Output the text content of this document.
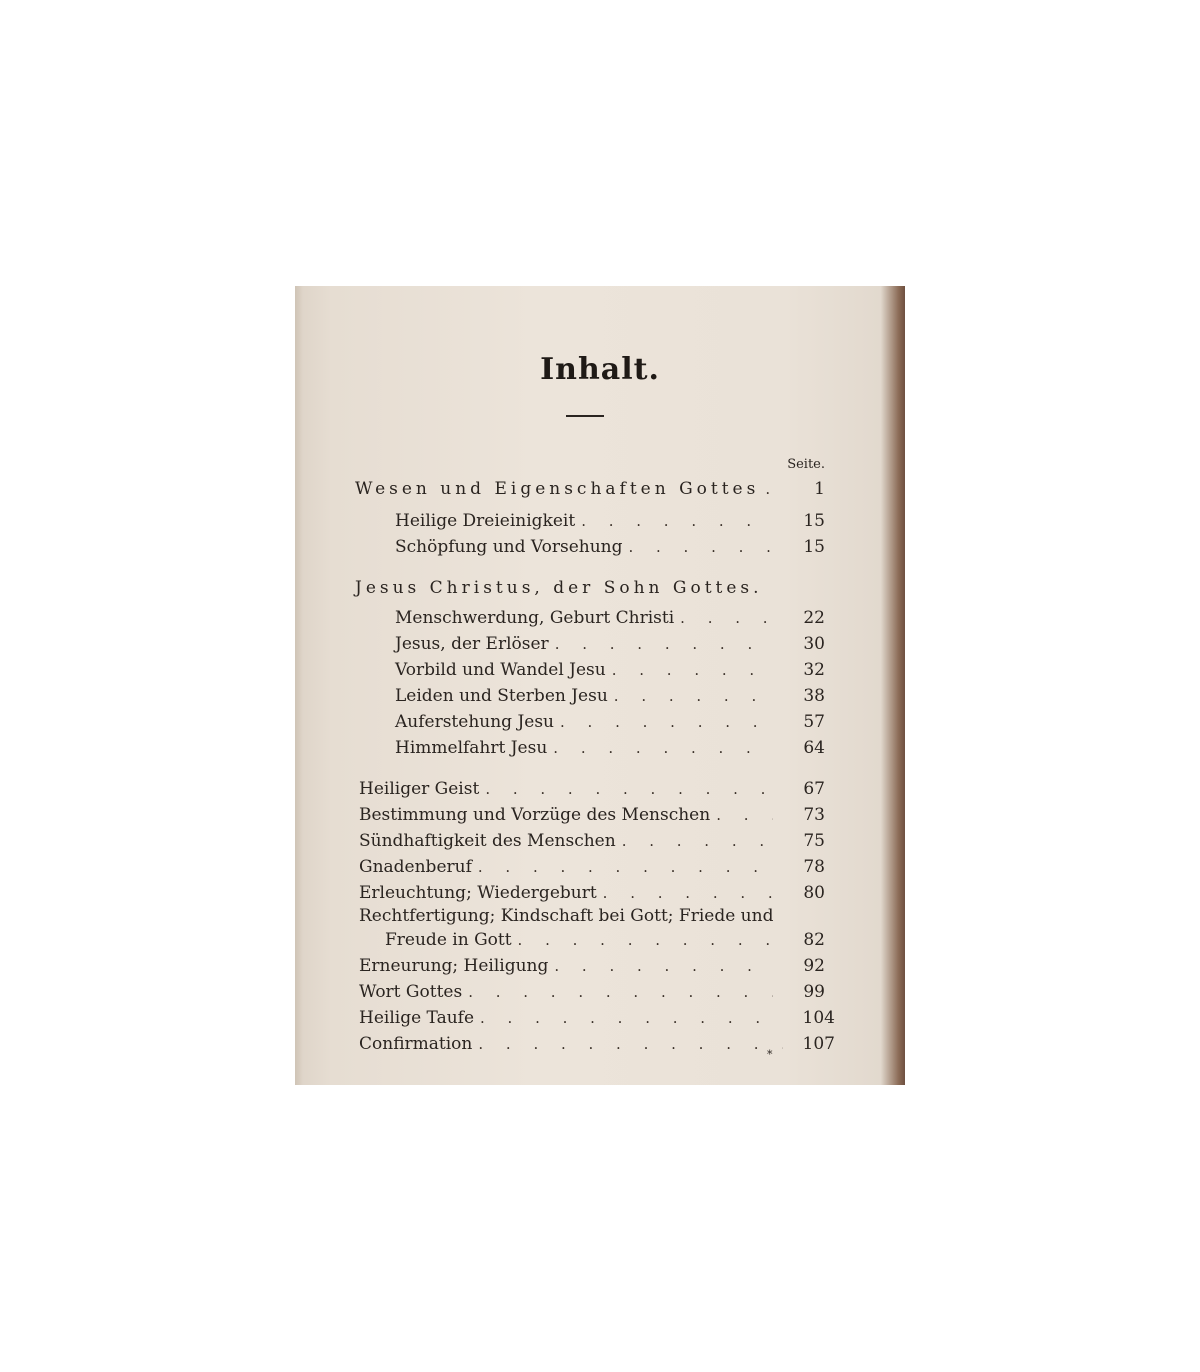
Inhalt.
Seite.
Wesen und Eigenschaften Gottes . . .	1
Heilige Dreieinigkeit . . .	15
Schöpfung und Vorsehung . . .	15
Jesus Christus, der Sohn Gottes.
Menschwerdung, Geburt Christi . . .	22
Jesus, der Erlöser . . .	30
Vorbild und Wandel Jesu . . .	32
Leiden und Sterben Jesu . . .	38
Auferstehung Jesu . . .	57
Himmelfahrt Jesu . . .	64
Heiliger Geist . . .	67
Bestimmung und Vorzüge des Menschen . . .	73
Sündhaftigkeit des Menschen . . .	75
Gnadenberuf . . .	78
Erleuchtung; Wiedergeburt . . .	80
Rechtfertigung; Kindschaft bei Gott; Friede und
Freude in Gott . . .	82
Erneurung; Heiligung . . .	92
Wort Gottes . . .	99
Heilige Taufe . . .	104
Confirmation . . .	107
*
